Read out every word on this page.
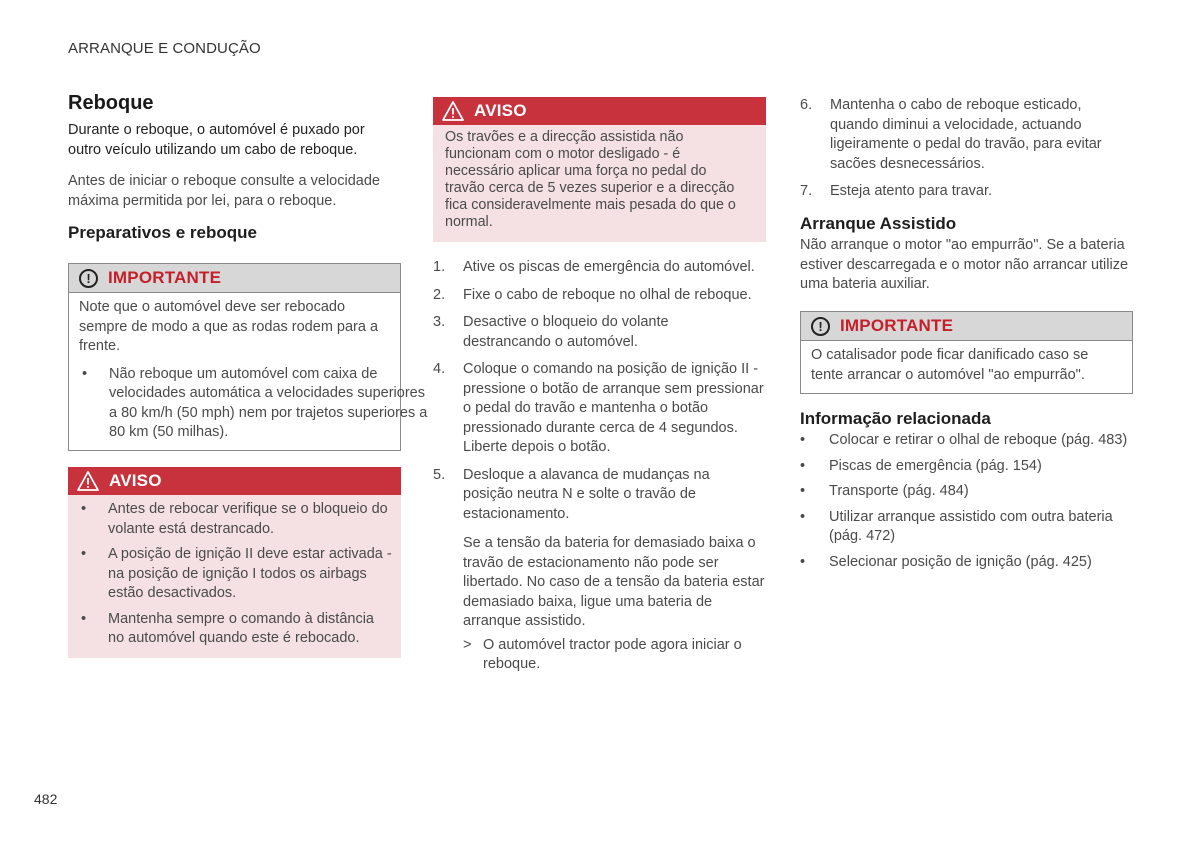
ARRANQUE E CONDUÇÃO
482
Reboque

Durante o reboque, o automóvel é puxado por outro veículo utilizando um cabo de reboque.

Antes de iniciar o reboque consulte a velocidade máxima permitida por lei, para o reboque.

Preparativos e reboque
!	IMPORTANTE

Note que o automóvel deve ser rebocado sempre de modo a que as rodas rodem para a frente.

• Não reboque um automóvel com caixa de velocidades automática a velocidades superiores a 80 km/h (50 mph) nem por trajetos superiores a 80 km (50 milhas).
AVISO
• Antes de rebocar verifique se o bloqueio do volante está destrancado.
• A posição de ignição II deve estar activada - na posição de ignição I todos os airbags estão desactivados.
• Mantenha sempre o comando à distância no automóvel quando este é rebocado.
AVISO

Os travões e a direcção assistida não funcionam com o motor desligado - é necessário aplicar uma força no pedal do travão cerca de 5 vezes superior e a direcção fica consideravelmente mais pesada do que o normal.

1. Ative os piscas de emergência do automóvel.
2. Fixe o cabo de reboque no olhal de reboque.
3. Desactive o bloqueio do volante destrancando o automóvel.
4. Coloque o comando na posição de ignição II - pressione o botão de arranque sem pressionar o pedal do travão e mantenha o botão pressionado durante cerca de 4 segundos. Liberte depois o botão.
5. Desloque a alavanca de mudanças na posição neutra N e solte o travão de estacionamento.

Se a tensão da bateria for demasiado baixa o travão de estacionamento não pode ser libertado. No caso de a tensão da bateria estar demasiado baixa, ligue uma bateria de arranque assistido.

> O automóvel tractor pode agora iniciar o reboque.
6. Mantenha o cabo de reboque esticado, quando diminui a velocidade, actuando ligeiramente o pedal do travão, para evitar sacões desnecessários.
7. Esteja atento para travar.
Arranque Assistido

Não arranque o motor "ao empurrão". Se a bateria estiver descarregada e o motor não arrancar utilize uma bateria auxiliar.

!	IMPORTANTE

O catalisador pode ficar danificado caso se tente arrancar o automóvel "ao empurrão".

Informação relacionada
• Colocar e retirar o olhal de reboque (pág. 483)
• Piscas de emergência (pág. 154)
• Transporte (pág. 484)
• Utilizar arranque assistido com outra bateria (pág. 472)
• Selecionar posição de ignição (pág. 425)
